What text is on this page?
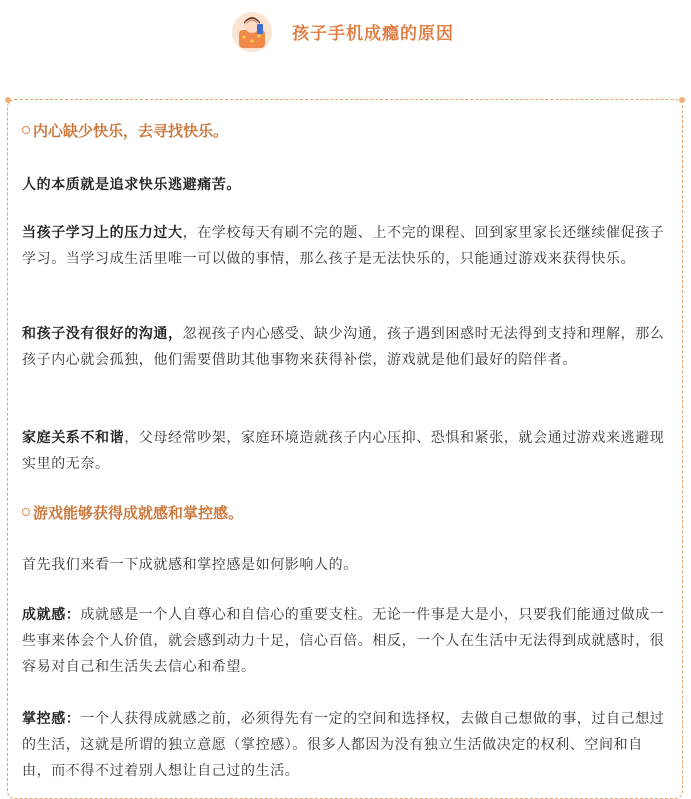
孩子手机成瘾的原因
内心缺少快乐，去寻找快乐。
人的本质就是追求快乐逃避痛苦。
当孩子学习上的压力过大，在学校每天有刷不完的题、上不完的课程、回到家里家长还继续催促孩子学习。当学习成生活里唯一可以做的事情，那么孩子是无法快乐的，只能通过游戏来获得快乐。
和孩子没有很好的沟通，忽视孩子内心感受、缺少沟通，孩子遇到困惑时无法得到支持和理解，那么孩子内心就会孤独，他们需要借助其他事物来获得补偿，游戏就是他们最好的陪伴者。
家庭关系不和谐，父母经常吵架，家庭环境造就孩子内心压抑、恐惧和紧张，就会通过游戏来逃避现实里的无奈。
游戏能够获得成就感和掌控感。
首先我们来看一下成就感和掌控感是如何影响人的。
成就感：成就感是一个人自尊心和自信心的重要支柱。无论一件事是大是小，只要我们能通过做成一些事来体会个人价值，就会感到动力十足，信心百倍。相反，一个人在生活中无法得到成就感时，很容易对自己和生活失去信心和希望。
掌控感：一个人获得成就感之前，必须得先有一定的空间和选择权，去做自己想做的事，过自己想过的生活，这就是所谓的独立意愿（掌控感）。很多人都因为没有独立生活做决定的权利、空间和自由，而不得不过着别人想让自己过的生活。
